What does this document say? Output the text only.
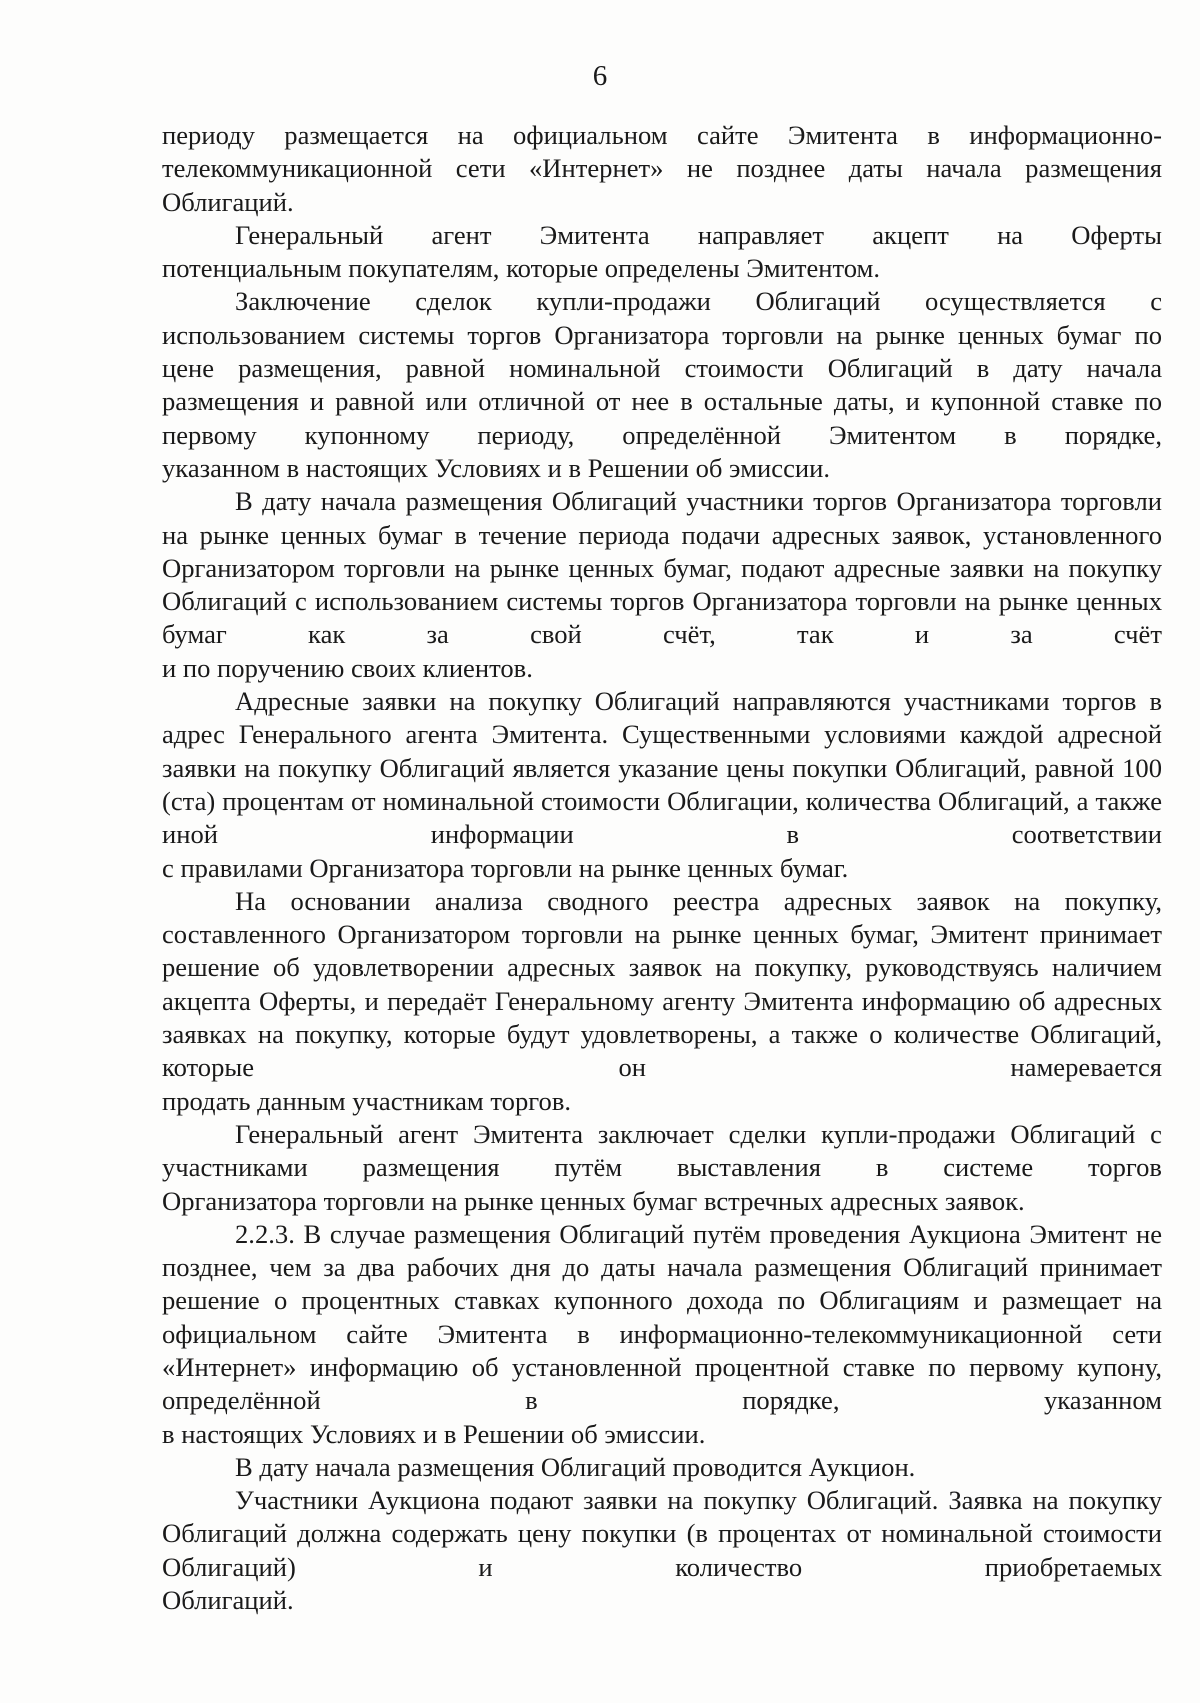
6

периоду размещается на официальном сайте Эмитента в информационно-телекоммуникационной сети «Интернет» не позднее даты начала размещения
Облигаций.

Генеральный агент Эмитента направляет акцепт на Оферты
потенциальным покупателям, которые определены Эмитентом.

Заключение сделок купли-продажи Облигаций осуществляется с использованием системы торгов Организатора торговли на рынке ценных бумаг по цене размещения, равной номинальной стоимости Облигаций в дату начала размещения и равной или отличной от нее в остальные даты, и купонной ставке по первому купонному периоду, определённой Эмитентом в порядке,
указанном в настоящих Условиях и в Решении об эмиссии.

В дату начала размещения Облигаций участники торгов Организатора торговли на рынке ценных бумаг в течение периода подачи адресных заявок, установленного Организатором торговли на рынке ценных бумаг, подают адресные заявки на покупку Облигаций с использованием системы торгов Организатора торговли на рынке ценных бумаг как за свой счёт, так и за счёт
и по поручению своих клиентов.

Адресные заявки на покупку Облигаций направляются участниками торгов в адрес Генерального агента Эмитента. Существенными условиями каждой адресной заявки на покупку Облигаций является указание цены покупки Облигаций, равной 100 (ста) процентам от номинальной стоимости Облигации, количества Облигаций, а также иной информации в соответствии
с правилами Организатора торговли на рынке ценных бумаг.

На основании анализа сводного реестра адресных заявок на покупку, составленного Организатором торговли на рынке ценных бумаг, Эмитент принимает решение об удовлетворении адресных заявок на покупку, руководствуясь наличием акцепта Оферты, и передаёт Генеральному агенту Эмитента информацию об адресных заявках на покупку, которые будут удовлетворены, а также о количестве Облигаций, которые он намеревается
продать данным участникам торгов.

Генеральный агент Эмитента заключает сделки купли-продажи Облигаций с участниками размещения путём выставления в системе торгов
Организатора торговли на рынке ценных бумаг встречных адресных заявок.

2.2.3. В случае размещения Облигаций путём проведения Аукциона Эмитент не позднее, чем за два рабочих дня до даты начала размещения Облигаций принимает решение о процентных ставках купонного дохода по Облигациям и размещает на официальном сайте Эмитента в информационно-телекоммуникационной сети «Интернет» информацию об установленной процентной ставке по первому купону, определённой в порядке, указанном
в настоящих Условиях и в Решении об эмиссии.

В дату начала размещения Облигаций проводится Аукцион.

Участники Аукциона подают заявки на покупку Облигаций. Заявка на покупку Облигаций должна содержать цену покупки (в процентах от номинальной стоимости Облигаций) и количество приобретаемых
Облигаций.
